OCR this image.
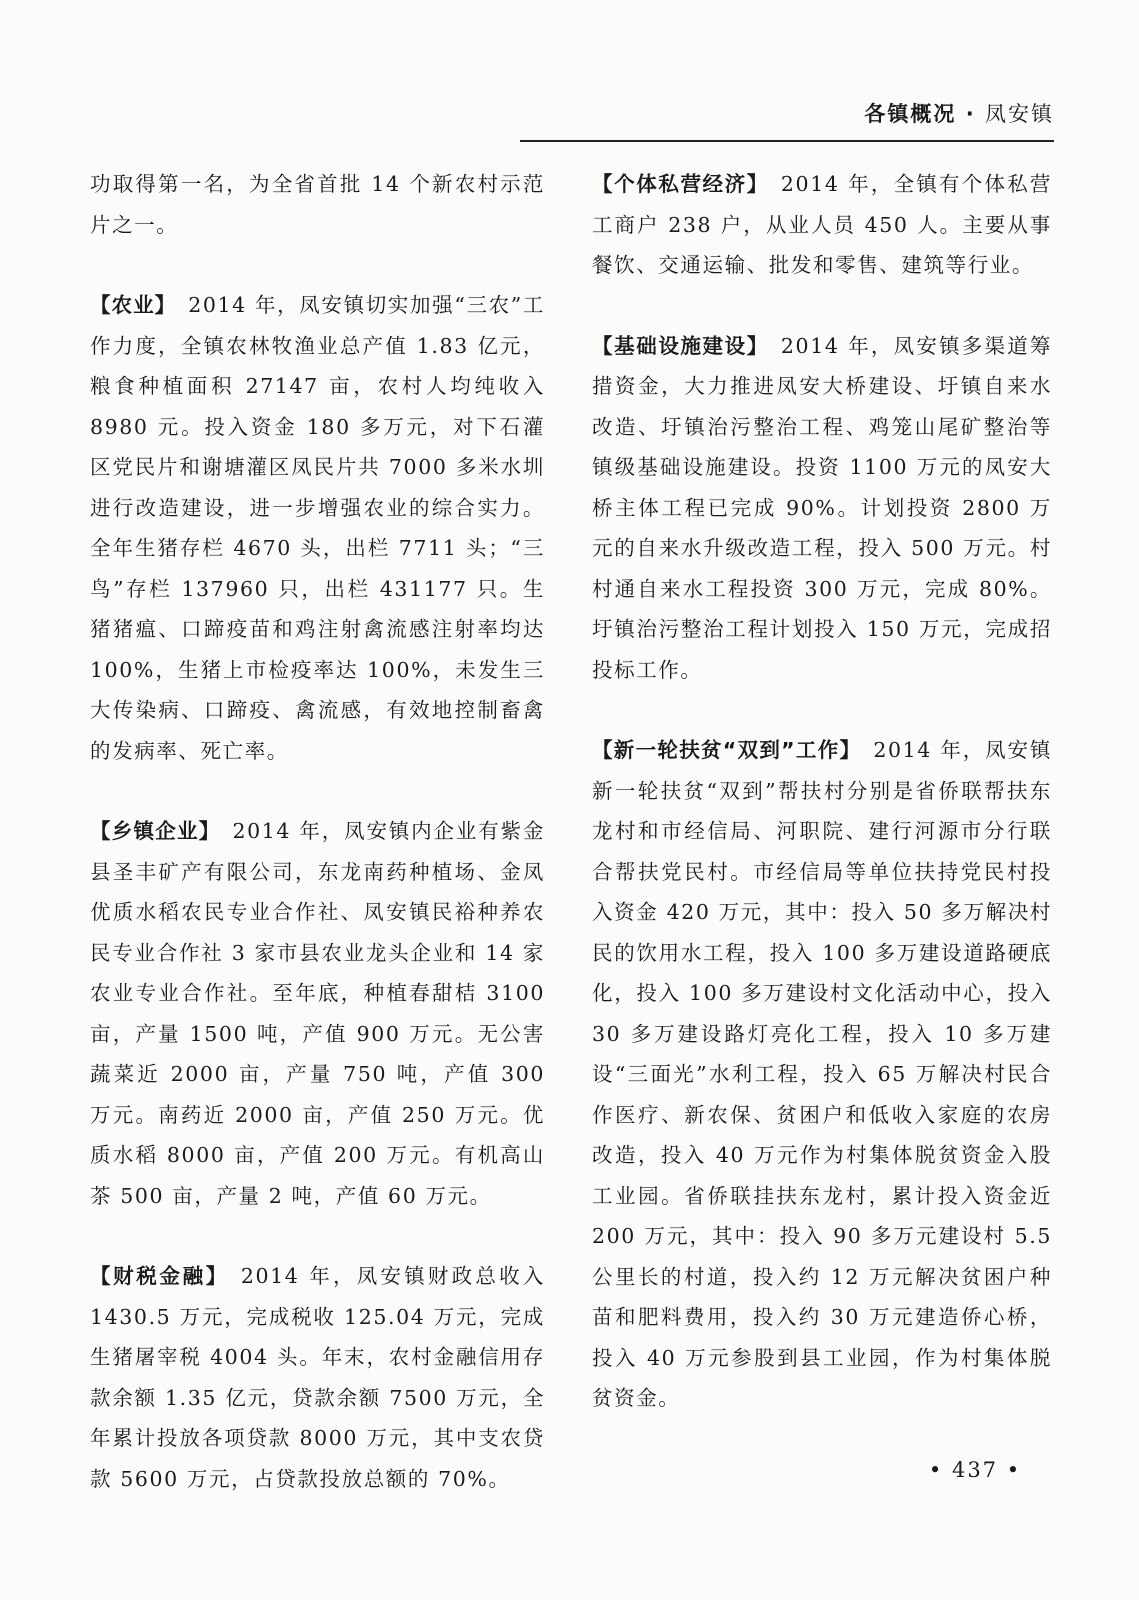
各镇概况 · 凤安镇

功取得第一名，为全省首批 14 个新农村示范片之一。

【农业】 2014 年，凤安镇切实加强“三农”工作力度，全镇农林牧渔业总产值 1.83 亿元，粮食种植面积 27147 亩，农村人均纯收入 8980 元。投入资金 180 多万元，对下石灌区党民片和谢塘灌区凤民片共 7000 多米水圳进行改造建设，进一步增强农业的综合实力。全年生猪存栏 4670 头，出栏 7711 头；“三鸟”存栏 137960 只，出栏 431177 只。生猪猪瘟、口蹄疫苗和鸡注射禽流感注射率均达 100%，生猪上市检疫率达 100%，未发生三大传染病、口蹄疫、禽流感，有效地控制畜禽的发病率、死亡率。

【乡镇企业】 2014 年，凤安镇内企业有紫金县圣丰矿产有限公司，东龙南药种植场、金凤优质水稻农民专业合作社、凤安镇民裕种养农民专业合作社 3 家市县农业龙头企业和 14 家农业专业合作社。至年底，种植春甜桔 3100 亩，产量 1500 吨，产值 900 万元。无公害蔬菜近 2000 亩，产量 750 吨，产值 300 万元。南药近 2000 亩，产值 250 万元。优质水稻 8000 亩，产值 200 万元。有机高山茶 500 亩，产量 2 吨，产值 60 万元。

【财税金融】 2014 年，凤安镇财政总收入 1430.5 万元，完成税收 125.04 万元，完成生猪屠宰税 4004 头。年末，农村金融信用存款余额 1.35 亿元，贷款余额 7500 万元，全年累计投放各项贷款 8000 万元，其中支农贷款 5600 万元，占贷款投放总额的 70%。

【个体私营经济】 2014 年，全镇有个体私营工商户 238 户，从业人员 450 人。主要从事餐饮、交通运输、批发和零售、建筑等行业。

【基础设施建设】 2014 年，凤安镇多渠道筹措资金，大力推进凤安大桥建设、圩镇自来水改造、圩镇治污整治工程、鸡笼山尾矿整治等镇级基础设施建设。投资 1100 万元的凤安大桥主体工程已完成 90%。计划投资 2800 万元的自来水升级改造工程，投入 500 万元。村村通自来水工程投资 300 万元，完成 80%。圩镇治污整治工程计划投入 150 万元，完成招投标工作。

【新一轮扶贫“双到”工作】 2014 年，凤安镇新一轮扶贫“双到”帮扶村分别是省侨联帮扶东龙村和市经信局、河职院、建行河源市分行联合帮扶党民村。市经信局等单位扶持党民村投入资金 420 万元，其中：投入 50 多万解决村民的饮用水工程，投入 100 多万建设道路硬底化，投入 100 多万建设村文化活动中心，投入 30 多万建设路灯亮化工程，投入 10 多万建设“三面光”水利工程，投入 65 万解决村民合作医疗、新农保、贫困户和低收入家庭的农房改造，投入 40 万元作为村集体脱贫资金入股工业园。省侨联挂扶东龙村，累计投入资金近 200 万元，其中：投入 90 多万元建设村 5.5 公里长的村道，投入约 12 万元解决贫困户种苗和肥料费用，投入约 30 万元建造侨心桥，投入 40 万元参股到县工业园，作为村集体脱贫资金。

• 437 •
